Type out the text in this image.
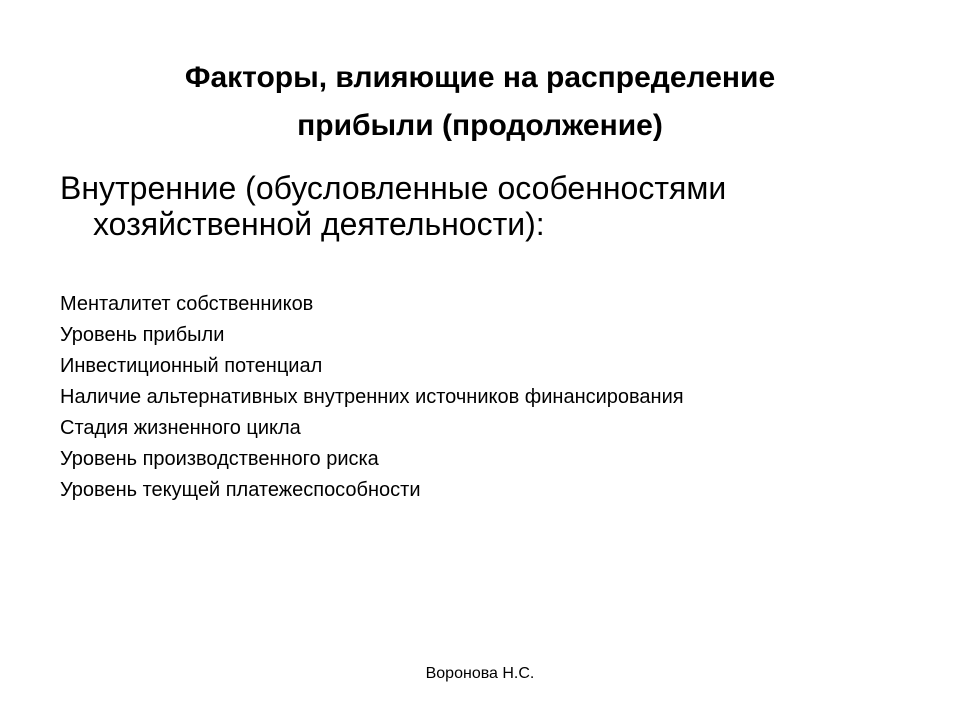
Факторы, влияющие на распределение
прибыли (продолжение)
Внутренние (обусловленные особенностями
хозяйственной деятельности):
Менталитет собственников
Уровень прибыли
Инвестиционный потенциал
Наличие альтернативных внутренних источников финансирования
Стадия жизненного цикла
Уровень производственного риска
Уровень текущей платежеспособности
Воронова Н.С.
